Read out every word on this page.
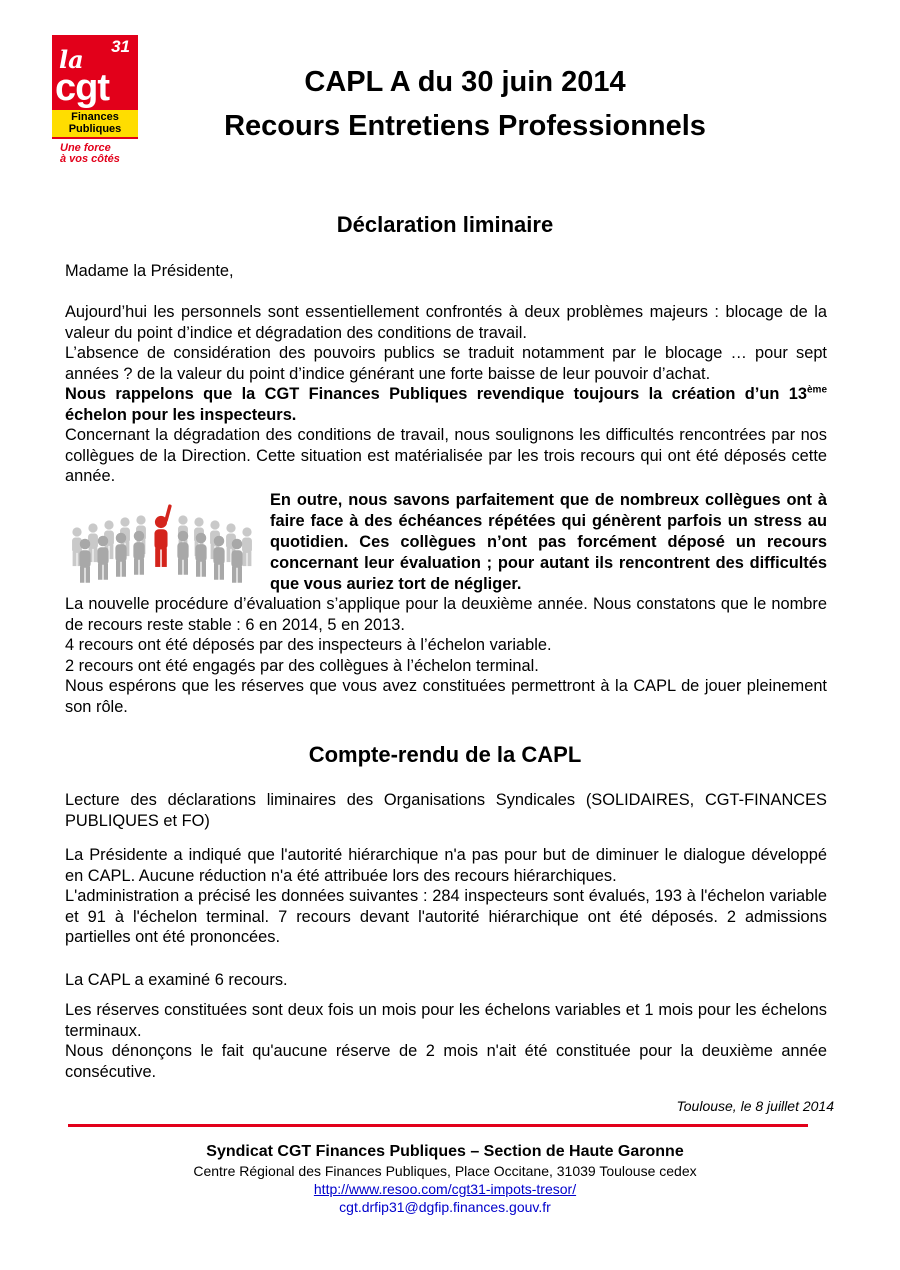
31
la
cgt
Finances
Publiques
Une force
à vos côtés
CAPL A du 30 juin 2014
Recours Entretiens Professionnels
Déclaration liminaire

Madame la Présidente,

Aujourd’hui les personnels sont essentiellement confrontés à deux problèmes majeurs : blocage de la valeur du point d’indice et dégradation des conditions de travail.

L’absence de considération des pouvoirs publics se traduit notamment par le blocage … pour sept années ? de la valeur du point d’indice générant une forte baisse de leur pouvoir d’achat.

Nous rappelons que la CGT Finances Publiques revendique toujours la création d’un 13ème échelon pour les inspecteurs.

Concernant la dégradation des conditions de travail, nous soulignons les difficultés rencontrées par nos collègues de la Direction. Cette situation est matérialisée par les trois recours qui ont été déposés cette année.

En outre, nous savons parfaitement que de nombreux collègues ont à faire face à des échéances répétées qui génèrent parfois un stress au quotidien. Ces collègues n’ont pas forcément déposé un recours concernant leur évaluation ; pour autant ils rencontrent des difficultés que vous auriez tort de négliger.

La nouvelle procédure d’évaluation s’applique pour la deuxième année. Nous constatons que le nombre de recours reste stable : 6 en 2014, 5 en 2013.

4 recours ont été déposés par des inspecteurs à l’échelon variable.

2 recours ont été engagés par des collègues à l’échelon terminal.

Nous espérons que les réserves que vous avez constituées permettront à la CAPL de jouer pleinement son rôle.

Compte-rendu de la CAPL

Lecture des déclarations liminaires des Organisations Syndicales (SOLIDAIRES, CGT-FINANCES PUBLIQUES et FO)

La Présidente a indiqué que l'autorité hiérarchique n'a pas pour but de diminuer le dialogue développé en CAPL. Aucune réduction n'a été attribuée lors des recours hiérarchiques.

L'administration a précisé les données suivantes : 284 inspecteurs sont évalués, 193 à l'échelon variable et 91 à l'échelon terminal. 7 recours devant l'autorité hiérarchique ont été déposés. 2 admissions partielles ont été prononcées.

La CAPL a examiné 6 recours.

Les réserves constituées sont deux fois un mois pour les échelons variables et 1 mois pour les échelons terminaux.

Nous dénonçons le fait qu'aucune réserve de 2 mois n'ait été constituée pour la deuxième année consécutive.

Toulouse, le 8 juillet 2014
Syndicat CGT Finances Publiques – Section de Haute Garonne
Centre Régional des Finances Publiques, Place Occitane, 31039 Toulouse cedex
http://www.resoo.com/cgt31-impots-tresor/
cgt.drfip31@dgfip.finances.gouv.fr
